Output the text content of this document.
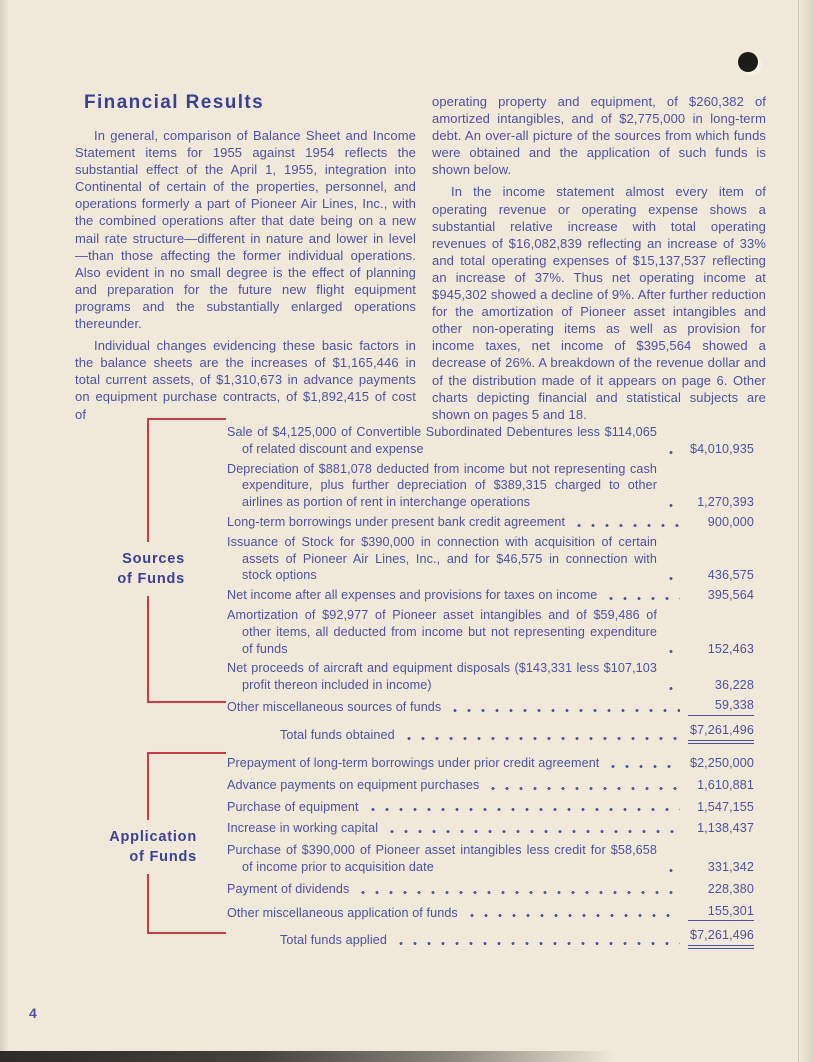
Financial Results

In general, comparison of Balance Sheet and Income Statement items for 1955 against 1954 reflects the substantial effect of the April 1, 1955, integration into Continental of certain of the properties, personnel, and operations formerly a part of Pioneer Air Lines, Inc., with the combined operations after that date being on a new mail rate structure—different in nature and lower in level —than those affecting the former individual operations. Also evident in no small degree is the effect of planning and preparation for the future new flight equipment programs and the substantially enlarged operations thereunder.

Individual changes evidencing these basic factors in the balance sheets are the increases of $1,165,446 in total current assets, of $1,310,673 in advance payments on equipment purchase contracts, of $1,892,415 of cost of

operating property and equipment, of $260,382 of amortized intangibles, and of $2,775,000 in long-term debt. An over-all picture of the sources from which funds were obtained and the application of such funds is shown below.

In the income statement almost every item of operating revenue or operating expense shows a substantial relative increase with total operating revenues of $16,082,839 reflecting an increase of 33% and total operating expenses of $15,137,537 reflecting an increase of 37%. Thus net operating income at $945,302 showed a decline of 9%. After further reduction for the amortization of Pioneer asset intangibles and other non-operating items as well as provision for income taxes, net income of $395,564 showed a decrease of 26%. A breakdown of the revenue dollar and of the distribution made of it appears on page 6. Other charts depicting financial and statistical subjects are shown on pages 5 and 18.

Sources
of Funds
Sale of $4,125,000 of Convertible Subordinated Debentures less $114,065 of related discount and expense	$4,010,935
Depreciation of $881,078 deducted from income but not representing cash expenditure, plus further depreciation of $389,315 charged to other airlines as portion of rent in interchange operations	1,270,393
Long-term borrowings under present bank credit agreement	900,000
Issuance of Stock for $390,000 in connection with acquisition of certain assets of Pioneer Air Lines, Inc., and for $46,575 in connection with stock options	436,575
Net income after all expenses and provisions for taxes on income	395,564
Amortization of $92,977 of Pioneer asset intangibles and of $59,486 of other items, all deducted from income but not representing expenditure of funds	152,463
Net proceeds of aircraft and equipment disposals ($143,331 less $107,103 profit thereon included in income)	36,228
Other miscellaneous sources of funds	59,338
Total funds obtained	$7,261,496
Application
of Funds
Prepayment of long-term borrowings under prior credit agreement	$2,250,000
Advance payments on equipment purchases	1,610,881
Purchase of equipment	1,547,155
Increase in working capital	1,138,437
Purchase of $390,000 of Pioneer asset intangibles less credit for $58,658 of income prior to acquisition date	331,342
Payment of dividends	228,380
Other miscellaneous application of funds	155,301
Total funds applied	$7,261,496
4
